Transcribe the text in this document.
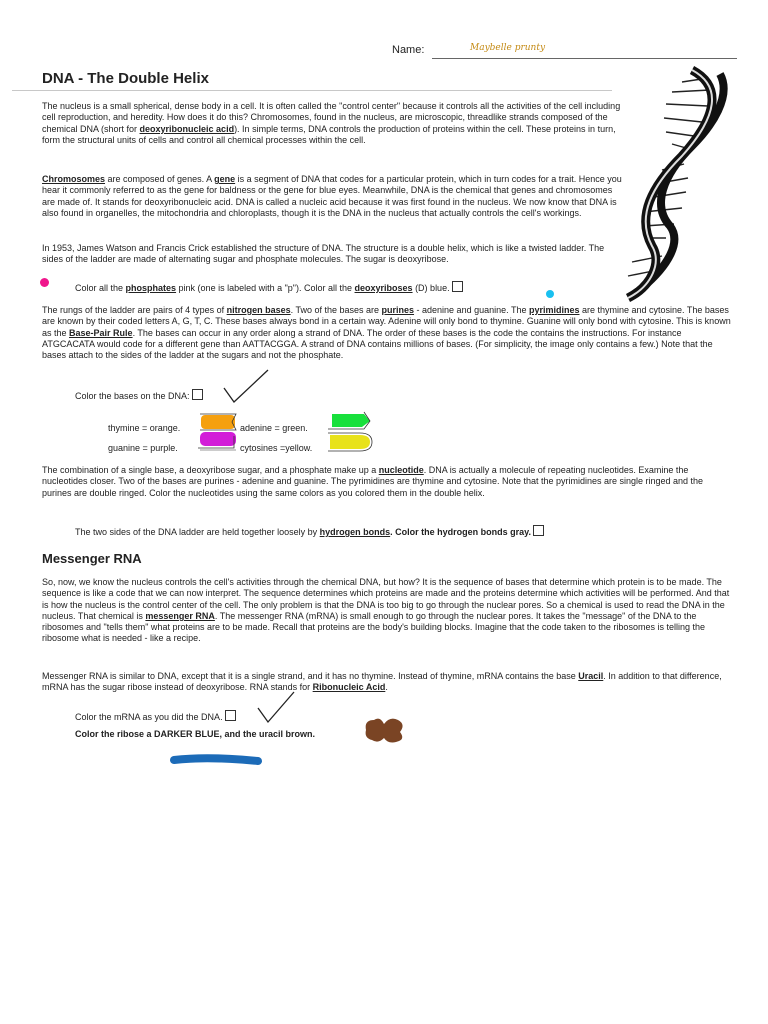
Name:	Maybelle prunty
DNA - The Double Helix

The nucleus is a small spherical, dense body in a cell. It is often called the "control center" because it controls all the activities of the cell including cell reproduction, and heredity. How does it do this? Chromosomes, found in the nucleus, are microscopic, threadlike strands composed of the chemical DNA (short for deoxyribonucleic acid). In simple terms, DNA controls the production of proteins within the cell. These proteins in turn, form the structural units of cells and control all chemical processes within the cell.

Chromosomes are composed of genes. A gene is a segment of DNA that codes for a particular protein, which in turn codes for a trait. Hence you hear it commonly referred to as the gene for baldness or the gene for blue eyes. Meanwhile, DNA is the chemical that genes and chromosomes are made of. It stands for deoxyribonucleic acid. DNA is called a nucleic acid because it was first found in the nucleus. We now know that DNA is also found in organelles, the mitochondria and chloroplasts, though it is the DNA in the nucleus that actually controls the cell's workings.

In 1953, James Watson and Francis Crick established the structure of DNA. The structure is a double helix, which is like a twisted ladder. The sides of the ladder are made of alternating sugar and phosphate molecules. The sugar is deoxyribose.

Color all the phosphates pink (one is labeled with a "p"). Color all the deoxyriboses (D) blue.

The rungs of the ladder are pairs of 4 types of nitrogen bases. Two of the bases are purines - adenine and guanine. The pyrimidines are thymine and cytosine. The bases are known by their coded letters A, G, T, C. These bases always bond in a certain way. Adenine will only bond to thymine. Guanine will only bond with cytosine. This is known as the Base-Pair Rule. The bases can occur in any order along a strand of DNA. The order of these bases is the code the contains the instructions. For instance ATGCACATA would code for a different gene than AATTACGGA. A strand of DNA contains millions of bases. (For simplicity, the image only contains a few.) Note that the bases attach to the sides of the ladder at the sugars and not the phosphate.

Color the bases on the DNA:

thymine = orange.	adenine = green.
guanine = purple.	cytosines =yellow.

The combination of a single base, a deoxyribose sugar, and a phosphate make up a nucleotide. DNA is actually a molecule of repeating nucleotides. Examine the nucleotides closer. Two of the bases are purines - adenine and guanine. The pyrimidines are thymine and cytosine. Note that the pyrimidines are single ringed and the purines are double ringed. Color the nucleotides using the same colors as you colored them in the double helix.

The two sides of the DNA ladder are held together loosely by hydrogen bonds. Color the hydrogen bonds gray.

Messenger RNA

So, now, we know the nucleus controls the cell's activities through the chemical DNA, but how? It is the sequence of bases that determine which protein is to be made. The sequence is like a code that we can now interpret. The sequence determines which proteins are made and the proteins determine which activities will be performed. And that is how the nucleus is the control center of the cell. The only problem is that the DNA is too big to go through the nuclear pores. So a chemical is used to read the DNA in the nucleus. That chemical is messenger RNA. The messenger RNA (mRNA) is small enough to go through the nuclear pores. It takes the "message" of the DNA to the ribosomes and "tells them" what proteins are to be made. Recall that proteins are the body's building blocks. Imagine that the code taken to the ribosomes is telling the ribosome what is needed - like a recipe.

Messenger RNA is similar to DNA, except that it is a single strand, and it has no thymine. Instead of thymine, mRNA contains the base Uracil. In addition to that difference, mRNA has the sugar ribose instead of deoxyribose. RNA stands for Ribonucleic Acid.

Color the mRNA as you did the DNA.

Color the ribose a DARKER BLUE, and the uracil brown.
